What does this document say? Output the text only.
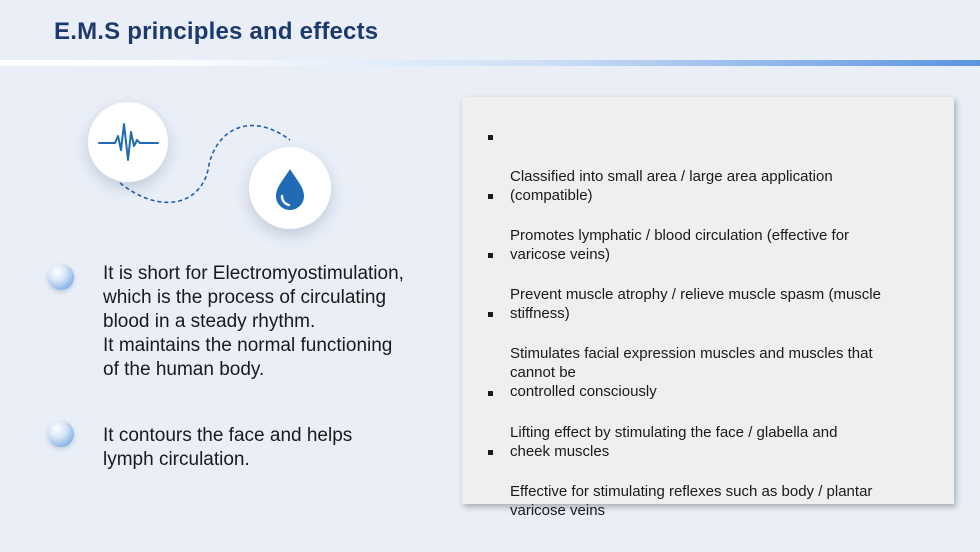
E.M.S principles and effects
It is short for Electromyostimulation,
which is the process of circulating
blood in a steady rhythm.
It maintains the normal functioning
of the human body.
It contours the face and helps
lymph circulation.

Classified into small area / large area application
(compatible)

Promotes lymphatic / blood circulation (effective for
varicose veins)

Prevent muscle atrophy / relieve muscle spasm (muscle
stiffness)

Stimulates facial expression muscles and muscles that
cannot be
controlled consciously

Lifting effect by stimulating the face / glabella and
cheek muscles

Effective for stimulating reflexes such as body / plantar
varicose veins
